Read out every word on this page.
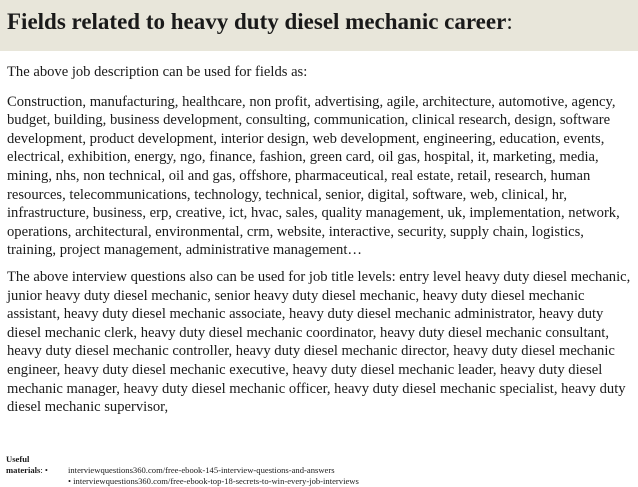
Fields related to heavy duty diesel mechanic career:

The above job description can be used for fields as:

Construction, manufacturing, healthcare, non profit, advertising, agile, architecture, automotive, agency, budget, building, business development, consulting, communication, clinical research, design, software development, product development, interior design, web development, engineering, education, events, electrical, exhibition, energy, ngo, finance, fashion, green card, oil gas, hospital, it, marketing, media, mining, nhs, non technical, oil and gas, offshore, pharmaceutical, real estate, retail, research, human resources, telecommunications, technology, technical, senior, digital, software, web, clinical, hr, infrastructure, business, erp, creative, ict, hvac, sales, quality management, uk, implementation, network, operations, architectural, environmental, crm, website, interactive, security, supply chain, logistics, training, project management, administrative management…

The above interview questions also can be used for job title levels: entry level heavy duty diesel mechanic, junior heavy duty diesel mechanic, senior heavy duty diesel mechanic, heavy duty diesel mechanic assistant, heavy duty diesel mechanic associate, heavy duty diesel mechanic administrator, heavy duty diesel mechanic clerk, heavy duty diesel mechanic coordinator, heavy duty diesel mechanic consultant, heavy duty diesel mechanic controller, heavy duty diesel mechanic director, heavy duty diesel mechanic engineer, heavy duty diesel mechanic executive, heavy duty diesel mechanic leader, heavy duty diesel mechanic manager, heavy duty diesel mechanic officer, heavy duty diesel mechanic specialist, heavy duty diesel mechanic supervisor,

Useful materials: •interviewquestions360.com/free-ebook-145-interview-questions-and-answers
• interviewquestions360.com/free-ebook-top-18-secrets-to-win-every-job-interviews
